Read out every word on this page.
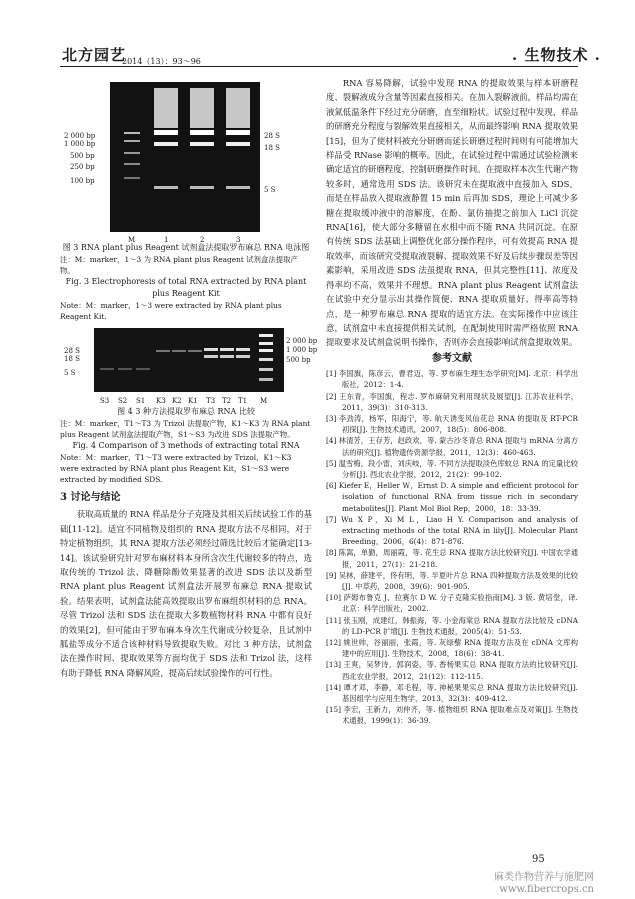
北方园艺
2014（13）：93～96	. 生物技术 .
2 000 bp
1 000 bp
500 bp
250 bp
100 bp
28 S
18 S
5 S
M	1	2	3

图 3 RNA plant plus Reagent 试剂盒法提取罗布麻总 RNA 电泳图

注：M：marker，1～3 为 RNA plant plus Reagent 试剂盒法提取产物。

Fig. 3 Electrophoresis of total RNA extracted by RNA plant plus Reagent Kit

Note：M：marker，1～3 were extracted by RNA plant plus Reagent Kit.

2 000 bp
1 000 bp
500 bp
28 S
18 S
5 S
S3 S2 S1 K3 K2 K1 T3 T2 T1 M

图 4 3 种方法提取罗布麻总 RNA 比较

注：M：marker，T1～T3 为 Trizol 法提取产物，K1～K3 为 RNA plant plus Reagent 试剂盒法提取产物，S1～S3 为改进 SDS 法提取产物。

Fig. 4 Comparison of 3 methods of extracting total RNA

Note：M：marker，T1～T3 were extracted by Trizol，K1～K3 were extracted by RNA plant plus Reagent Kit，S1～S3 were extracted by modified SDS.

3 讨论与结论

获取高质量的 RNA 样品是分子克隆及其相关后续试验工作的基础[11-12]。适宜不同植物及组织的 RNA 提取方法不尽相同，对于特定植物组织，其 RNA 提取方法必须经过筛选比较后才能确定[13-14]。该试验研究针对罗布麻材料本身所含次生代谢较多的特点，选取传统的 Trizol 法、降糖除酚效果显著的改进 SDS 法以及新型 RNA plant plus Reagent 试剂盒法开展罗布麻总 RNA 提取试验。结果表明，试剂盒法能高效提取出罗布麻组织材料的总 RNA。尽管 Trizol 法和 SDS 法在提取大多数植物材料 RNA 中都有良好的效果[2]，但可能由于罗布麻本身次生代谢成分较复杂，且试剂中胍盐等成分不适合该种材料导致提取失败。对比 3 种方法，试剂盒法在操作时间、提取效果等方面均优于 SDS 法和 Trizol 法，这样有助于降低 RNA 降解风险，提高后续试验操作的可行性。

RNA 容易降解，试验中发现 RNA 的提取效果与样本研磨程度、裂解液成分含量等因素直接相关。在加入裂解液前，样品均需在液氮低温条件下经过充分研磨，直至细粉状。试验过程中发现，样品的研磨充分程度与裂解效果直接相关，从而最终影响 RNA 提取效果[15]，但为了使材料被充分研磨而延长研磨过程时间则有可能增加大样品受 RNase 影响的概率。因此，在试验过程中需通过试验检测来确定适宜的研磨程度，控制研磨操作时间。在提取样本次生代谢产物较多时，通常选用 SDS 法。该研究未在提取液中直接加入 SDS，而是在样品放入提取液静置 15 min 后再加 SDS，理论上可减少多糖在提取缓冲液中的溶解度，在酚、氯仿抽提之前加入 LiCl 沉淀 RNA[16]，使大部分多糖留在水相中而不随 RNA 共同沉淀。在原有传统 SDS 法基础上调整优化部分操作程序，可有效提高 RNA 提取效率，而该研究受提取液裂解、提取效果不好及后续步骤误差等因素影响，采用改进 SDS 法虽提取 RNA，但其完整性[11]、浓度及得率均不高，效果并不理想。RNA plant plus Reagent 试剂盒法在试验中充分显示出其操作简便、RNA 提取质量好、得率高等特点，是一种罗布麻总 RNA 提取的适宜方法。在实际操作中应该注意，试剂盒中未直接提供相关试剂，在配制使用时需严格依照 RNA 提取要求及试剂盒说明书操作，否则亦会直接影响试剂盒提取效果。

参考文献

[1] 李国旗，陈彦云，曹君迈，等. 罗布麻生理生态学研究[M]. 北京：科学出版社，2012：1-4.

[2] 王东青，李国旗，程志. 罗布麻研究利用现状及展望[J]. 江苏农业科学，2011，39(3)：310-313.

[3] 李劲涛，杨军，阳海宁，等. 航天诱变风仙花总 RNA 的提取及 RT-PCR 初探[J]. 生物技术通讯，2007，18(5)：806-808.

[4] 林清芳，王存芳，赵政欢，等. 蒙古沙冬青总 RNA 提取与 mRNA 分离方法的研究[J]. 植物遗传资源学报，2011，12(3)：460-463.

[5] 温雪梅，段小雷，刘庆岐，等. 不同方法提取淡色库蚊总 RNA 的定量比较分析[J]. 西北农业学报，2012，21(2)：99-102.

[6] Kiefer E，Heller W，Ernst D. A simple and efficient protocol for isolation of functional RNA from tissue rich in secondary metabolites[J]. Plant Mol Biol Rep，2000，18：33-39.

[7] Wu X P，Xi M L，Liao H Y. Comparison and analysis of extracting methods of the total RNA in lily[J]. Molecular Plant Breeding，2006，6(4)：871-876.

[8] 陈嵩，单勤，周丽霞，等. 花生总 RNA 提取方法比较研究[J]. 中国农学通报，2011，27(1)：21-218.

[9] 吴林，薛建平，佟有明，等. 半夏叶片总 RNA 四种提取方法及效果的比较[J]. 中草药，2008，39(6)：901-905.

[10] 萨姆布鲁克 J，拉赛尔 D W. 分子克隆实验指南[M]. 3 版. 黄培堂，译. 北京：科学出版社，2002.

[11] 张玉刚，成建红，韩振海，等. 小金海棠总 RNA 提取方法比较及 cDNA 的 LD-PCR 扩增[J]. 生物技术通报，2005(4)：51-53.

[12] 姚世帅，谷丽丽，张霞，等. 灰绿藜 RNA 提取方法及在 cDNA 文库构建中的应用[J]. 生物技术，2008，18(6)：38-41.

[13] 王爽，吴梦诗，郭润姿，等. 香杨果实总 RNA 提取方法的比较研究[J]. 西北农业学报，2012，21(12)：112-115.

[14] 谭才邓，李静，邓毛程，等. 神秘果果实总 RNA 提取方法比较研究[J]. 基因组学与应用生物学，2013，32(3)：409-412.

[15] 李宏，王新力，刘仲齐，等. 植物组织 RNA 提取难点及对策[J]. 生物技术通报，1999(1)：36-39.

95
麻类作物营养与施肥网
www.fibercrops.cn
